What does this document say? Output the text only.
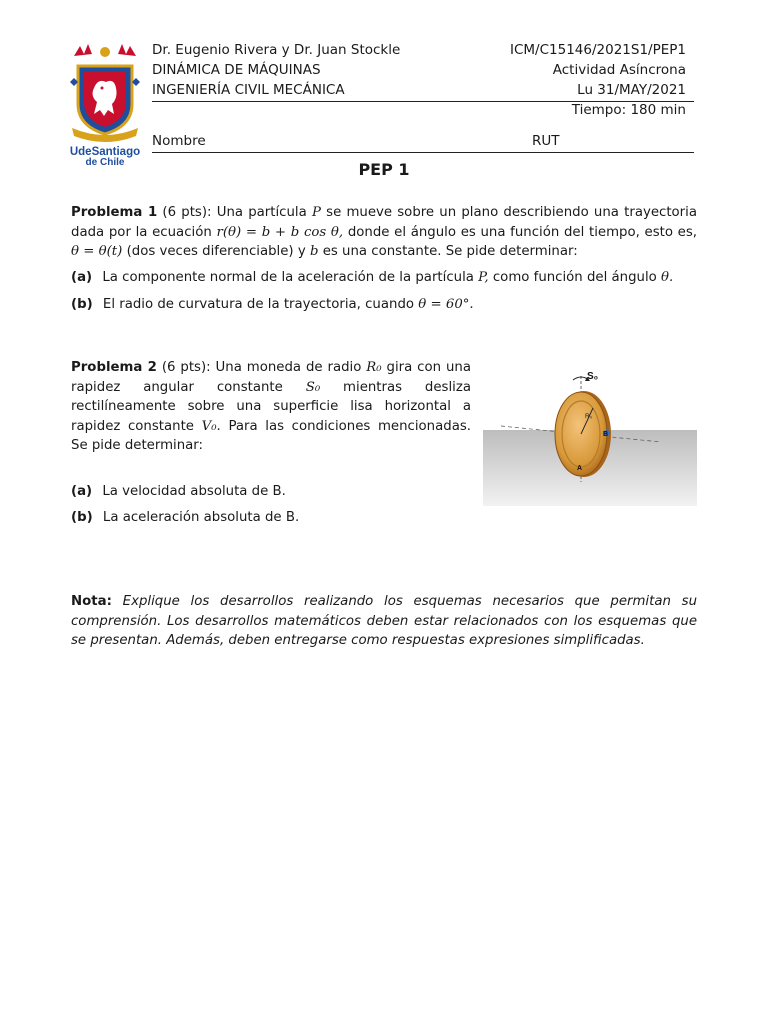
UdeSantiago
de Chile
Dr. Eugenio Rivera y Dr. Juan Stockle	ICM/C15146/2021S1/PEP1
DINÁMICA DE MÁQUINAS	Actividad Asíncrona
INGENIERÍA CIVIL MECÁNICA	Lu 31/MAY/2021
Tiempo: 180 min
Nombre	RUT
PEP 1
Problema 1 (6 pts): Una partícula P se mueve sobre un plano describiendo una trayectoria dada por la ecuación r(θ) = b + b cos θ, donde el ángulo es una función del tiempo, esto es, θ = θ(t) (dos veces diferenciable) y b es una constante. Se pide determinar:
(a) La componente normal de la aceleración de la partícula P, como función del ángulo θ.
(b) El radio de curvatura de la trayectoria, cuando θ = 60°.
Problema 2 (6 pts): Una moneda de radio R₀ gira con una rapidez angular constante S₀ mientras desliza rectilíneamente sobre una superficie lisa horizontal a rapidez constante V₀. Para las condiciones mencionadas. Se pide determinar:
(a) La velocidad absoluta de B.
(b) La aceleración absoluta de B.
S₀
R₀
B
A
Nota: Explique los desarrollos realizando los esquemas necesarios que permitan su comprensión. Los desarrollos matemáticos deben estar relacionados con los esquemas que se presentan. Además, deben entregarse como respuestas expresiones simplificadas.
